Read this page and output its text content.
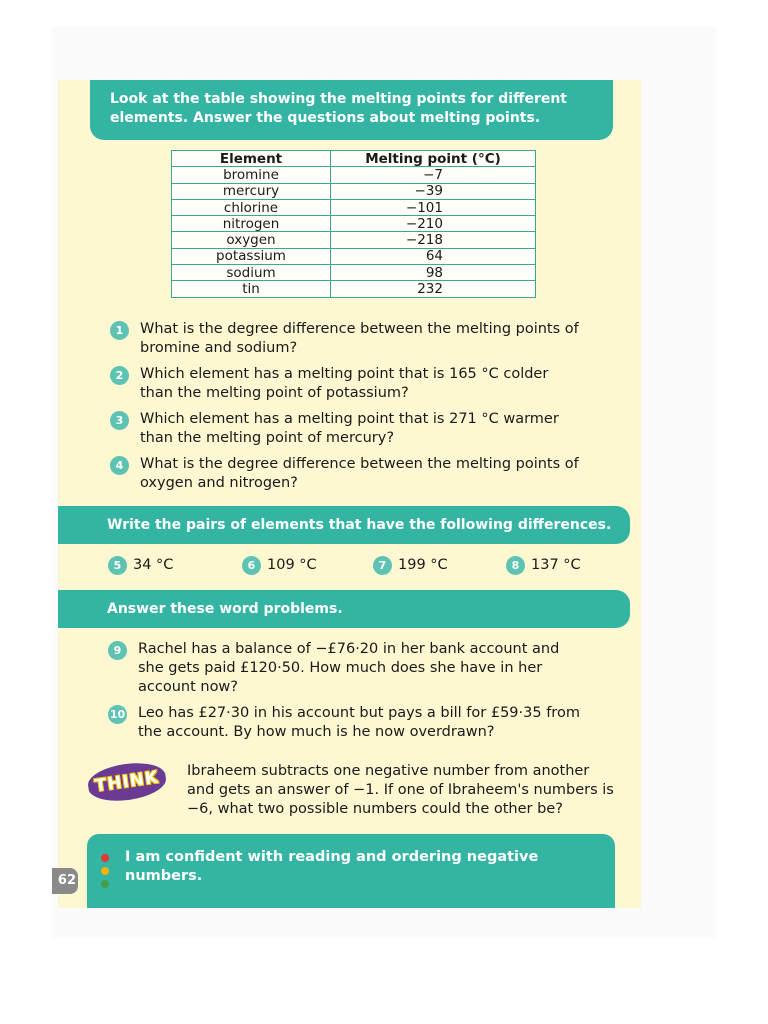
Look at the table showing the melting points for different elements. Answer the questions about melting points.
Element	Melting point (°C)
bromine	−7
mercury	−39
chlorine	−101
nitrogen	−210
oxygen	−218
potassium	64
sodium	98
tin	232
1	What is the degree difference between the melting points of bromine and sodium?
2	Which element has a melting point that is 165 °C colder than the melting point of potassium?
3	Which element has a melting point that is 271 °C warmer than the melting point of mercury?
4	What is the degree difference between the melting points of oxygen and nitrogen?
Write the pairs of elements that have the following differences.
5 34 °C	6 109 °C	7 199 °C	8 137 °C
Answer these word problems.
9	Rachel has a balance of −£76·20 in her bank account and she gets paid £120·50. How much does she have in her account now?
10 Leo has £27·30 in his account but pays a bill for £59·35 from the account. By how much is he now overdrawn?
THINK	Ibraheem subtracts one negative number from another and gets an answer of −1. If one of Ibraheem's numbers is −6, what two possible numbers could the other be?
I am confident with reading and ordering negative numbers.
62
